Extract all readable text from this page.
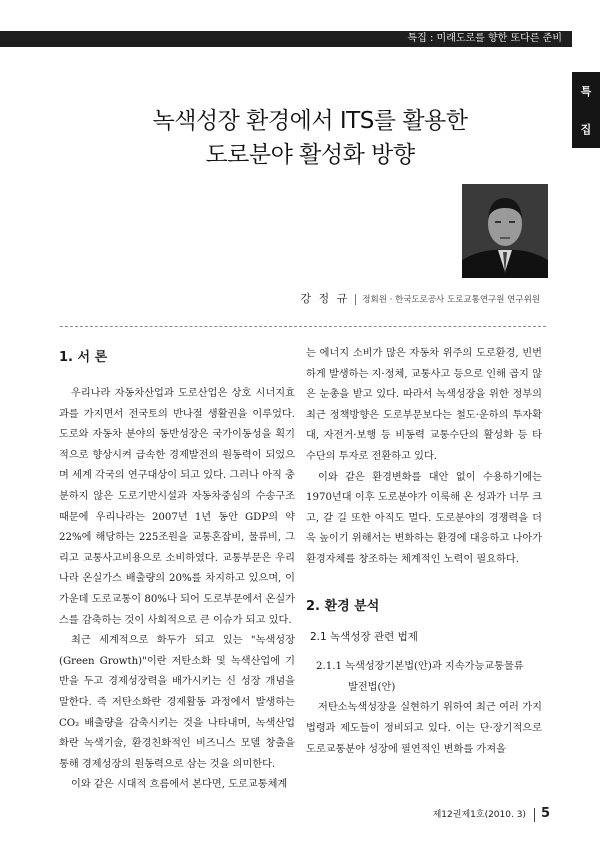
특집 : 미래도로를 향한 또다른 준비
특
집
녹색성장 환경에서 ITS를 활용한
도로분야 활성화 방향
강 정 규 정회원 · 한국도로공사 도로교통연구원 연구위원
1. 서 론

우리나라 자동차산업과 도로산업은 상호 시너지효과를 가지면서 전국토의 반나절 생활권을 이루었다. 도로와 자동차 분야의 동반성장은 국가이동성을 획기적으로 향상시켜 급속한 경제발전의 원동력이 되었으며 세계 각국의 연구대상이 되고 있다. 그러나 아직 충분하지 않은 도로기반시설과 자동차중심의 수송구조 때문에 우리나라는 2007년 1년 동안 GDP의 약 22%에 해당하는 225조원을 교통혼잡비, 물류비, 그리고 교통사고비용으로 소비하였다. 교통부문은 우리나라 온실가스 배출량의 20%를 차지하고 있으며, 이 가운데 도로교통이 80%나 되어 도로부문에서 온실가스를 감축하는 것이 사회적으로 큰 이슈가 되고 있다.

최근 세계적으로 화두가 되고 있는 "녹색성장 (Green Growth)"이란 저탄소화 및 녹색산업에 기반을 두고 경제성장력을 배가시키는 신 성장 개념을 말한다. 즉 저탄소화란 경제활동 과정에서 발생하는 CO₂ 배출량을 감축시키는 것을 나타내며, 녹색산업화란 녹색기술, 환경친화적인 비즈니스 모델 창출을 통해 경제성장의 원동력으로 삼는 것을 의미한다.

이와 같은 시대적 흐름에서 본다면, 도로교통체계

는 에너지 소비가 많은 자동차 위주의 도로환경, 빈번하게 발생하는 지·정체, 교통사고 등으로 인해 곱지 않은 눈총을 받고 있다. 따라서 녹색성장을 위한 정부의 최근 정책방향은 도로부문보다는 철도·운하의 투자확대, 자전거·보행 등 비동력 교통수단의 활성화 등 타 수단의 투자로 전환하고 있다.

이와 같은 환경변화를 대안 없이 수용하기에는 1970년대 이후 도로분야가 이룩해 온 성과가 너무 크고, 갈 길 또한 아직도 멀다. 도로분야의 경쟁력을 더욱 높이기 위해서는 변화하는 환경에 대응하고 나아가 환경자체를 창조하는 체계적인 노력이 필요하다.

2. 환경 분석
2.1 녹색성장 관련 법제
2.1.1 녹색성장기본법(안)과 지속가능교통물류
발전법(안)

저탄소녹색성장을 실현하기 위하여 최근 여러 가지 법령과 제도들이 정비되고 있다. 이는 단·장기적으로 도로교통분야 성장에 필연적인 변화를 가져올

제12권제1호(2010. 3) 5
